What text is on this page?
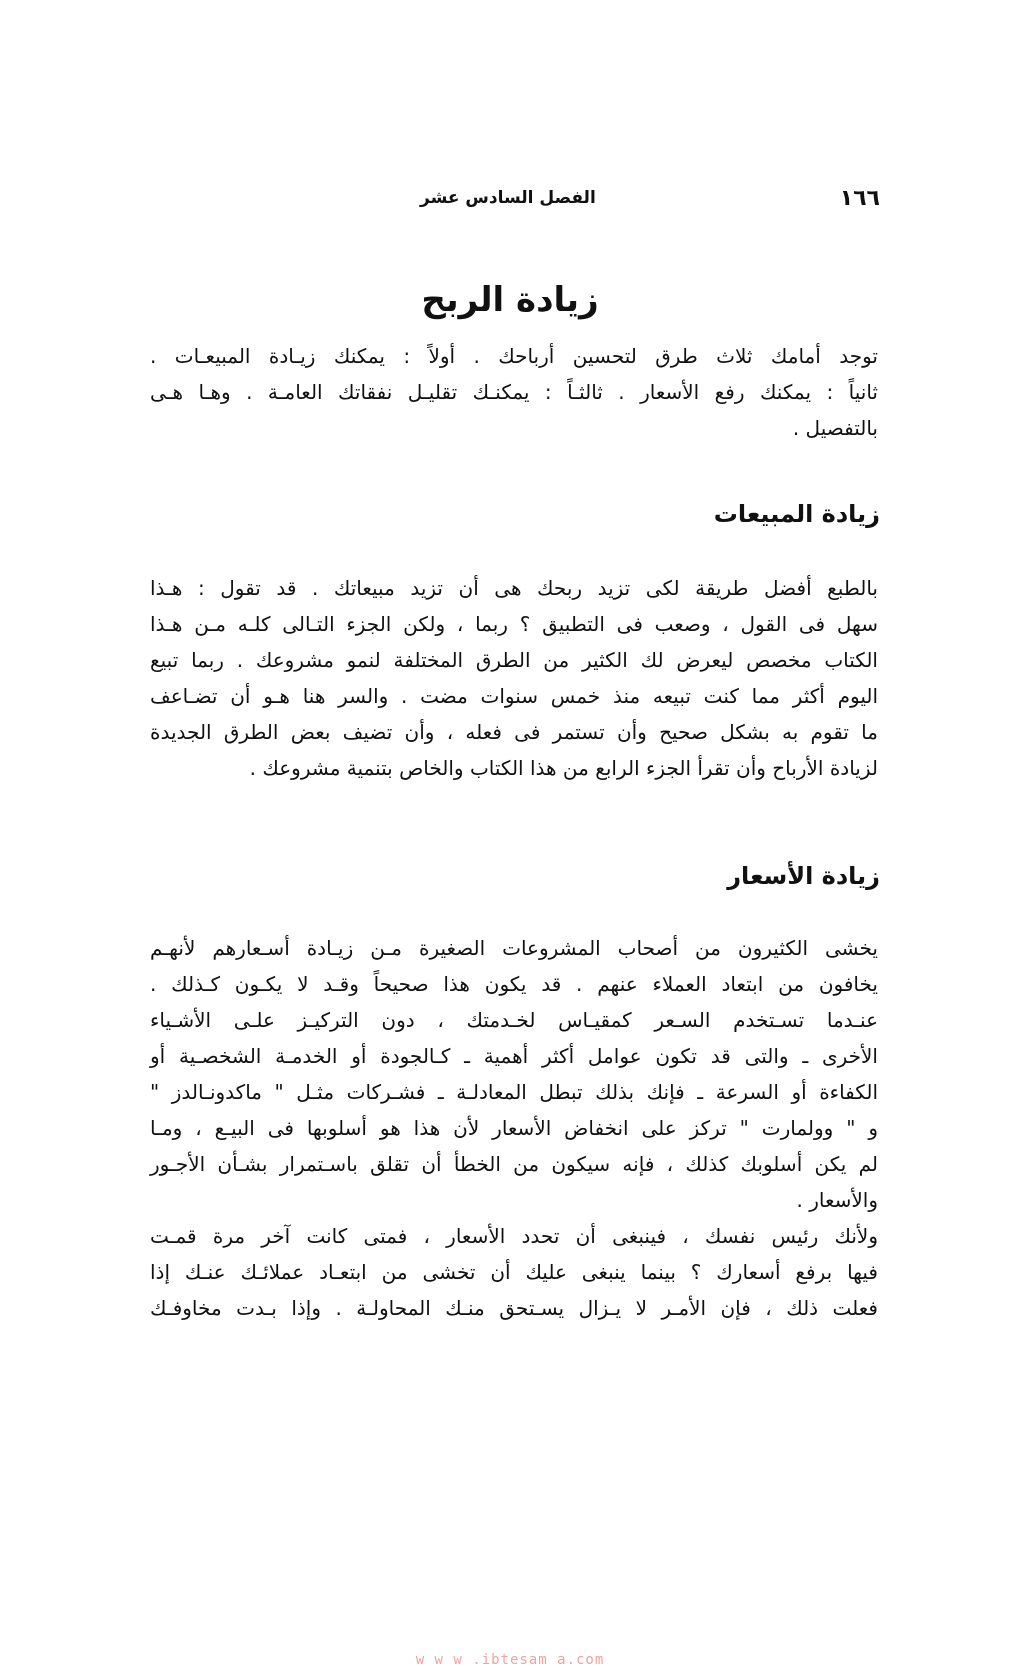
١٦٦
الفصل السادس عشر
زيادة الربح
توجد أمامك ثلاث طرق لتحسين أرباحك . أولاً : يمكنك زيـادة المبيعـات .
ثانياً : يمكنك رفع الأسعار . ثالثـاً : يمكنـك تقليـل نفقاتك العامـة . وهـا هـى
بالتفصيل .
زيادة المبيعات
بالطبع أفضل طريقة لكى تزيد ربحك هى أن تزيد مبيعاتك . قد تقول : هـذا
سهل فى القول ، وصعب فى التطبيق ؟ ربما ، ولكن الجزء التـالى كلـه مـن هـذا
الكتاب مخصص ليعرض لك الكثير من الطرق المختلفة لنمو مشروعك . ربما تبيع
اليوم أكثر مما كنت تبيعه منذ خمس سنوات مضت . والسر هنا هـو أن تضـاعف
ما تقوم به بشكل صحيح وأن تستمر فى فعله ، وأن تضيف بعض الطرق الجديدة
لزيادة الأرباح وأن تقرأ الجزء الرابع من هذا الكتاب والخاص بتنمية مشروعك .
زيادة الأسعار
يخشى الكثيرون من أصحاب المشروعات الصغيرة مـن زيـادة أسـعارهم لأنهـم
يخافون من ابتعاد العملاء عنهم . قد يكون هذا صحيحاً وقـد لا يكـون كـذلك .
عنـدما تسـتخدم السـعر كمقيـاس لخـدمتك ، دون التركيـز علـى الأشـياء
الأخرى ـ والتى قد تكون عوامل أكثر أهمية ـ كـالجودة أو الخدمـة الشخصـية أو
الكفاءة أو السرعة ـ فإنك بذلك تبطل المعادلـة ـ فشـركات مثـل " ماكدونـالدز "
و " وولمارت " تركز على انخفاض الأسعار لأن هذا هو أسلوبها فى البيـع ، ومـا
لم يكن أسلوبك كذلك ، فإنه سيكون من الخطأ أن تقلق باسـتمرار بشـأن الأجـور
والأسعار .
ولأنك رئيس نفسك ، فينبغى أن تحدد الأسعار ، فمتى كانت آخر مرة قمـت
فيها برفع أسعارك ؟ بينما ينبغى عليك أن تخشى من ابتعـاد عملائـك عنـك إذا
فعلت ذلك ، فإن الأمـر لا يـزال يسـتحق منـك المحاولـة . وإذا بـدت مخاوفـك
w w w .ibtesam a.com
